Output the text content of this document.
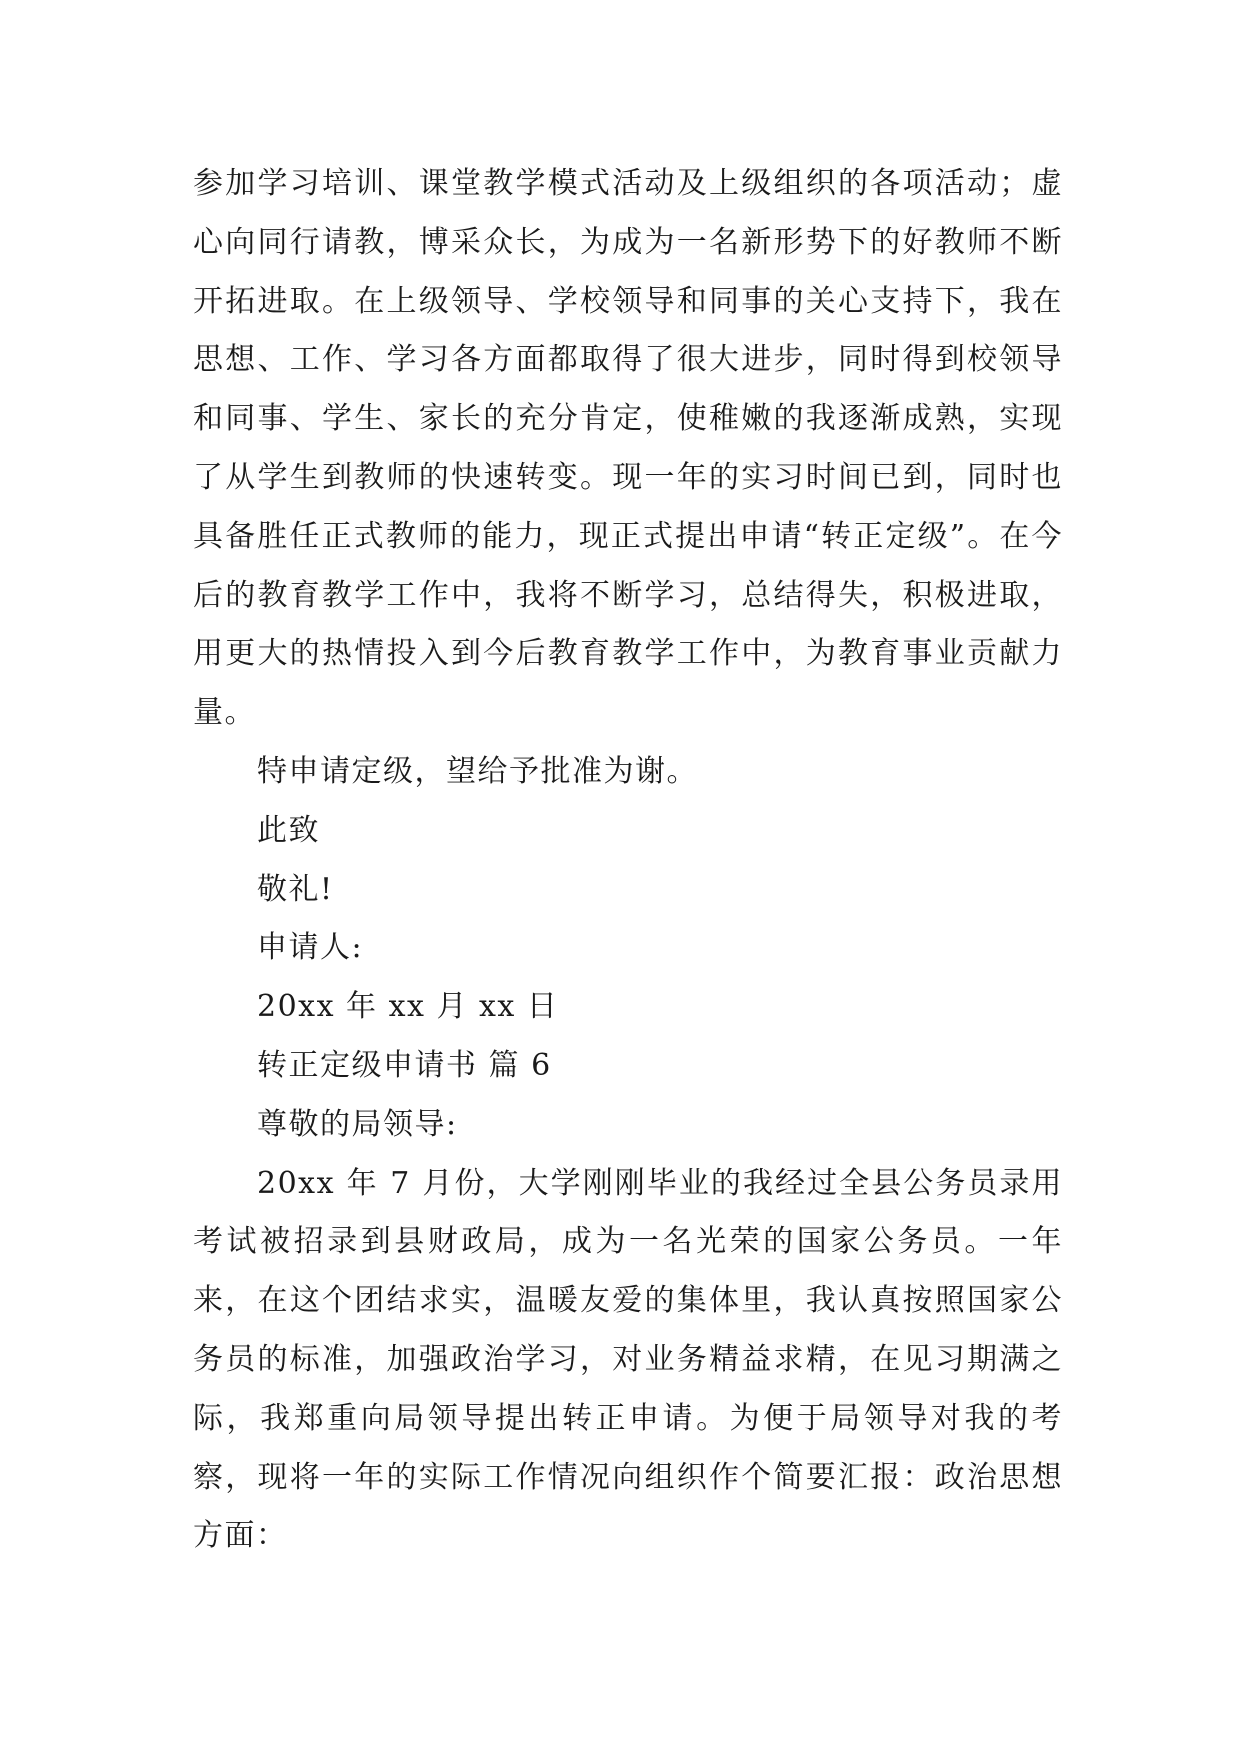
参加学习培训、课堂教学模式活动及上级组织的各项活动；虚心向同行请教，博采众长，为成为一名新形势下的好教师不断开拓进取。在上级领导、学校领导和同事的关心支持下，我在思想、工作、学习各方面都取得了很大进步，同时得到校领导和同事、学生、家长的充分肯定，使稚嫩的我逐渐成熟，实现了从学生到教师的快速转变。现一年的实习时间已到，同时也具备胜任正式教师的能力，现正式提出申请“转正定级”。在今后的教育教学工作中，我将不断学习，总结得失，积极进取，用更大的热情投入到今后教育教学工作中，为教育事业贡献力量。

特申请定级，望给予批准为谢。

此致

敬礼!

申请人:

20xx 年 xx 月 xx 日

转正定级申请书 篇 6

尊敬的局领导:

20xx 年 7 月份，大学刚刚毕业的我经过全县公务员录用考试被招录到县财政局，成为一名光荣的国家公务员。一年来，在这个团结求实，温暖友爱的集体里，我认真按照国家公务员的标准，加强政治学习，对业务精益求精，在见习期满之际，我郑重向局领导提出转正申请。为便于局领导对我的考察，现将一年的实际工作情况向组织作个简要汇报：政治思想方面：
